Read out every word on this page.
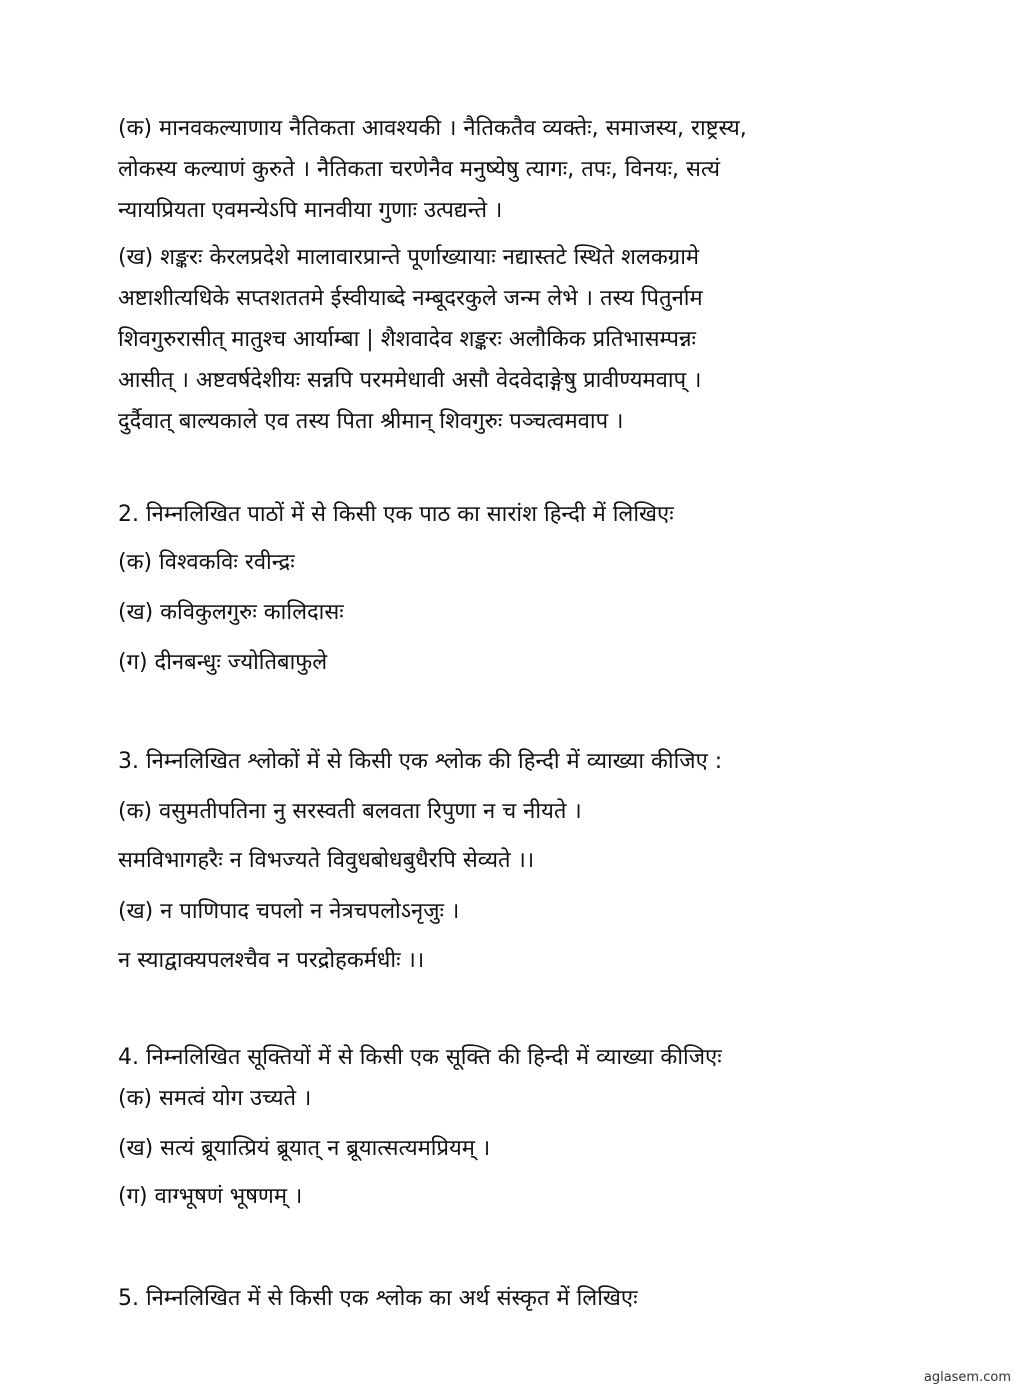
(क) मानवकल्याणाय नैतिकता आवश्यकी । नैतिकतैव व्यक्तेः, समाजस्य, राष्ट्रस्य,
लोकस्य कल्याणं कुरुते । नैतिकता चरणेनैव मनुष्येषु त्यागः, तपः, विनयः, सत्यं
न्यायप्रियता एवमन्येऽपि मानवीया गुणाः उत्पद्यन्ते ।
(ख) शङ्करः केरलप्रदेशे मालावारप्रान्ते पूर्णाख्यायाः नद्यास्तटे स्थिते शलकग्रामे
अष्टाशीत्यधिके सप्तशततमे ईस्वीयाब्दे नम्बूदरकुले जन्म लेभे । तस्य पितुर्नाम
शिवगुरुरासीत् मातुश्च आर्याम्बा | शैशवादेव शङ्करः अलौकिक प्रतिभासम्पन्नः
आसीत् । अष्टवर्षदेशीयः सन्नपि परममेधावी असौ वेदवेदाङ्गेषु प्रावीण्यमवाप् ।
दुर्दैवात् बाल्यकाले एव तस्य पिता श्रीमान् शिवगुरुः पञ्चत्वमवाप ।
2. निम्नलिखित पाठों में से किसी एक पाठ का सारांश हिन्दी में लिखिएः
(क) विश्वकविः रवीन्द्रः
(ख) कविकुलगुरुः कालिदासः
(ग) दीनबन्धुः ज्योतिबाफुले
3. निम्नलिखित श्लोकों में से किसी एक श्लोक की हिन्दी में व्याख्या कीजिए :
(क) वसुमतीपतिना नु सरस्वती बलवता रिपुणा न च नीयते ।
समविभागहरैः न विभज्यते विवुधबोधबुधैरपि सेव्यते ।।
(ख) न पाणिपाद चपलो न नेत्रचपलोऽनृजुः ।
न स्याद्वाक्यपलश्चैव न परद्रोहकर्मधीः ।।
4. निम्नलिखित सूक्तियों में से किसी एक सूक्ति की हिन्दी में व्याख्या कीजिएः
(क) समत्वं योग उच्यते ।
(ख) सत्यं ब्रूयात्प्रियं ब्रूयात् न ब्रूयात्सत्यमप्रियम् ।
(ग) वाग्भूषणं भूषणम् ।
5. निम्नलिखित में से किसी एक श्लोक का अर्थ संस्कृत में लिखिएः
aglasem.com
